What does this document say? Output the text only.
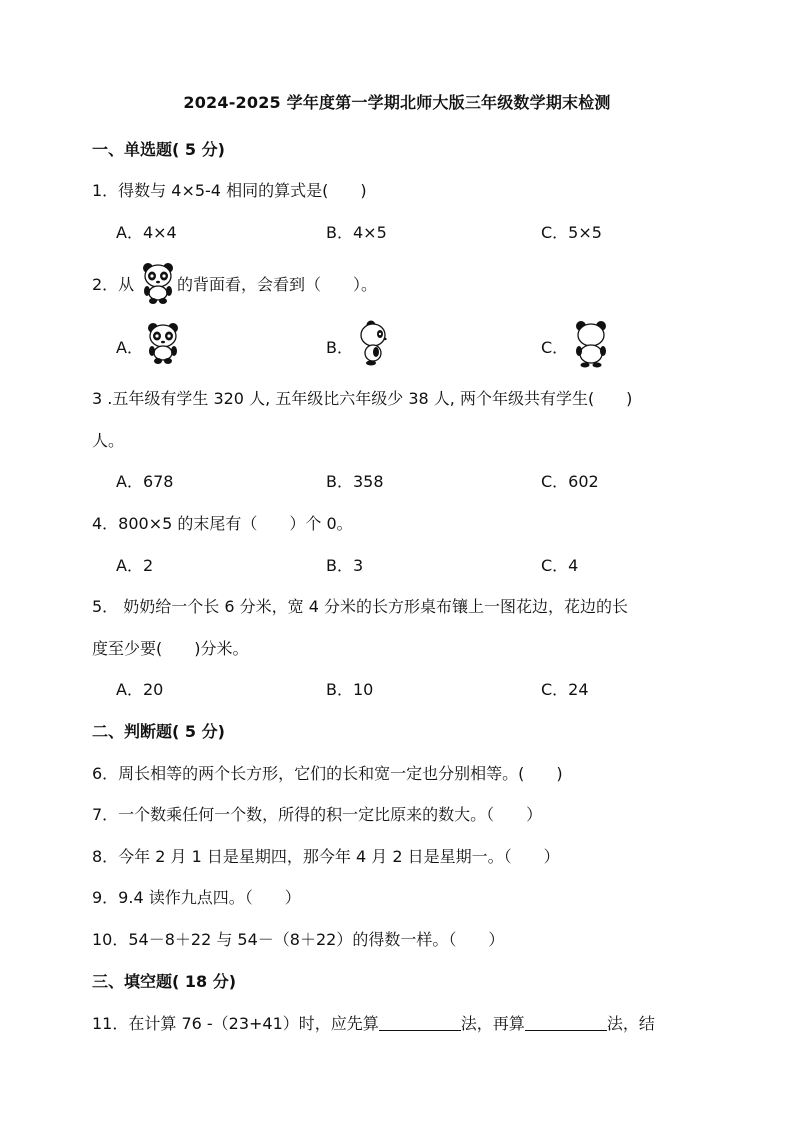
2024-2025 学年度第一学期北师大版三年级数学期末检测
一、单选题( 5 分)
1．得数与 4×5-4 相同的算式是(　　)
A．4×4	B．4×5	C．5×5
2．从	的背面看，会看到（　　）。
A．	B．	C．
3 .五年级有学生 320 人, 五年级比六年级少 38 人, 两个年级共有学生(　　)
人。
A．678	B．358	C．602
4．800×5 的末尾有（　　）个 0。
A．2	B．3	C．4
5． 奶奶给一个长 6 分米，宽 4 分米的长方形桌布镶上一图花边，花边的长
度至少要(　　)分米。
A．20	B．10	C．24
二、判断题( 5 分)
6．周长相等的两个长方形，它们的长和宽一定也分别相等。(　　)
7．一个数乘任何一个数，所得的积一定比原来的数大。（　　）
8．今年 2 月 1 日是星期四，那今年 4 月 2 日是星期一。（　　）
9．9.4 读作九点四。（　　）
10．54－8＋22 与 54－（8＋22）的得数一样。（　　）
三、填空题( 18 分)
11．在计算 76 -（23+41）时，应先算	法，再算	法，结
